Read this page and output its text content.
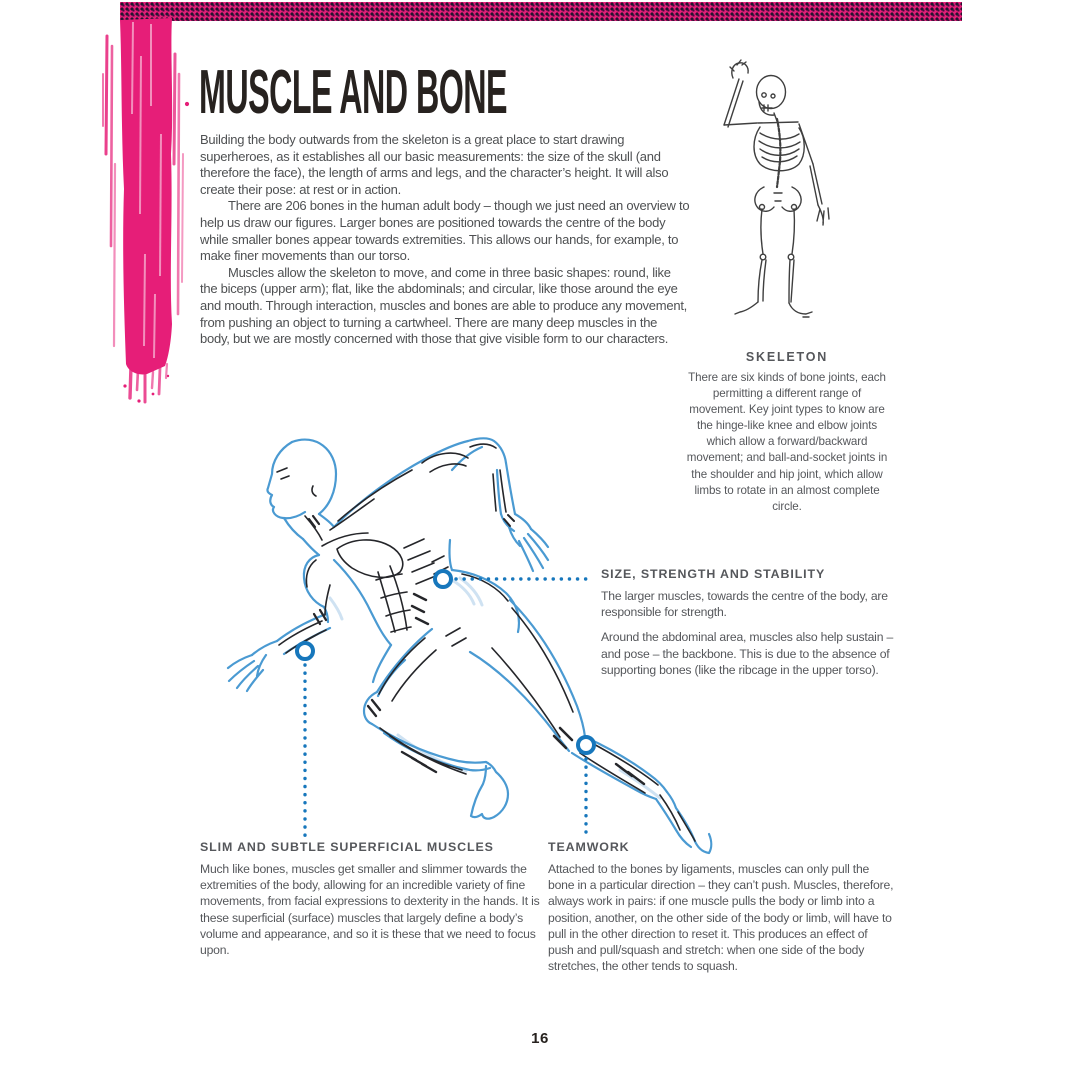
MUSCLE AND BONE

Building the body outwards from the skeleton is a great place to start drawing superheroes, as it establishes all our basic measurements: the size of the skull (and therefore the face), the length of arms and legs, and the character’s height. It will also create their pose: at rest or in action.

There are 206 bones in the human adult body – though we just need an overview to help us draw our figures. Larger bones are positioned towards the centre of the body while smaller bones appear towards extremities. This allows our hands, for example, to make finer movements than our torso.

Muscles allow the skeleton to move, and come in three basic shapes: round, like the biceps (upper arm); flat, like the abdominals; and circular, like those around the eye and mouth. Through interaction, muscles and bones are able to produce any movement, from pushing an object to turning a cartwheel. There are many deep muscles in the body, but we are mostly concerned with those that give visible form to our characters.

SKELETON

There are six kinds of bone joints, each permitting a different range of movement. Key joint types to know are the hinge-like knee and elbow joints which allow a forward/backward movement; and ball-and-socket joints in the shoulder and hip joint, which allow limbs to rotate in an almost complete circle.

SIZE, STRENGTH AND STABILITY

The larger muscles, towards the centre of the body, are responsible for strength.

Around the abdominal area, muscles also help sustain – and pose – the backbone. This is due to the absence of supporting bones (like the ribcage in the upper torso).

SLIM AND SUBTLE SUPERFICIAL MUSCLES

Much like bones, muscles get smaller and slimmer towards the extremities of the body, allowing for an incredible variety of fine movements, from facial expressions to dexterity in the hands. It is these superficial (surface) muscles that largely define a body’s volume and appearance, and so it is these that we need to focus upon.

TEAMWORK

Attached to the bones by ligaments, muscles can only pull the bone in a particular direction – they can’t push. Muscles, therefore, always work in pairs: if one muscle pulls the body or limb into a position, another, on the other side of the body or limb, will have to pull in the other direction to reset it. This produces an effect of push and pull/squash and stretch: when one side of the body stretches, the other tends to squash.

16
